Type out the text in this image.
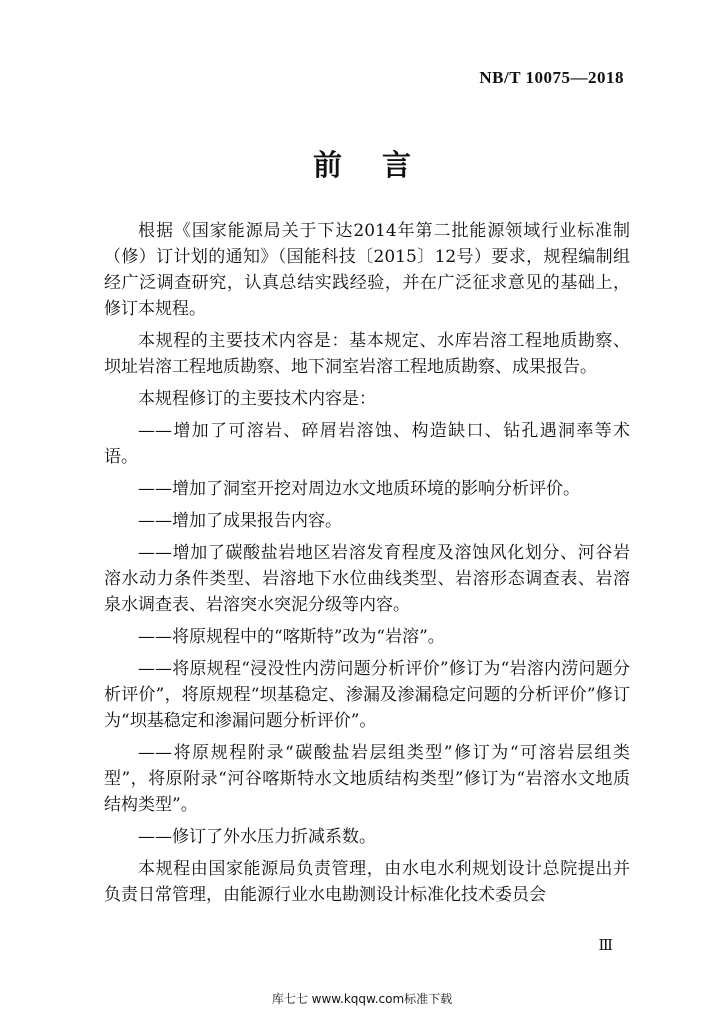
NB/T 10075—2018
前言

根据《国家能源局关于下达2014年第二批能源领域行业标准制（修）订计划的通知》（国能科技〔2015〕12号）要求，规程编制组经广泛调查研究，认真总结实践经验，并在广泛征求意见的基础上，修订本规程。

本规程的主要技术内容是：基本规定、水库岩溶工程地质勘察、坝址岩溶工程地质勘察、地下洞室岩溶工程地质勘察、成果报告。

本规程修订的主要技术内容是：

——增加了可溶岩、碎屑岩溶蚀、构造缺口、钻孔遇洞率等术语。

——增加了洞室开挖对周边水文地质环境的影响分析评价。

——增加了成果报告内容。

——增加了碳酸盐岩地区岩溶发育程度及溶蚀风化划分、河谷岩溶水动力条件类型、岩溶地下水位曲线类型、岩溶形态调查表、岩溶泉水调查表、岩溶突水突泥分级等内容。

——将原规程中的“喀斯特”改为“岩溶”。

——将原规程“浸没性内涝问题分析评价”修订为“岩溶内涝问题分析评价”，将原规程“坝基稳定、渗漏及渗漏稳定问题的分析评价”修订为“坝基稳定和渗漏问题分析评价”。

——将原规程附录“碳酸盐岩层组类型”修订为“可溶岩层组类型”，将原附录“河谷喀斯特水文地质结构类型”修订为“岩溶水文地质结构类型”。

——修订了外水压力折减系数。

本规程由国家能源局负责管理，由水电水利规划设计总院提出并负责日常管理，由能源行业水电勘测设计标准化技术委员会

Ⅲ
库七七 www.kqqw.com标准下载
